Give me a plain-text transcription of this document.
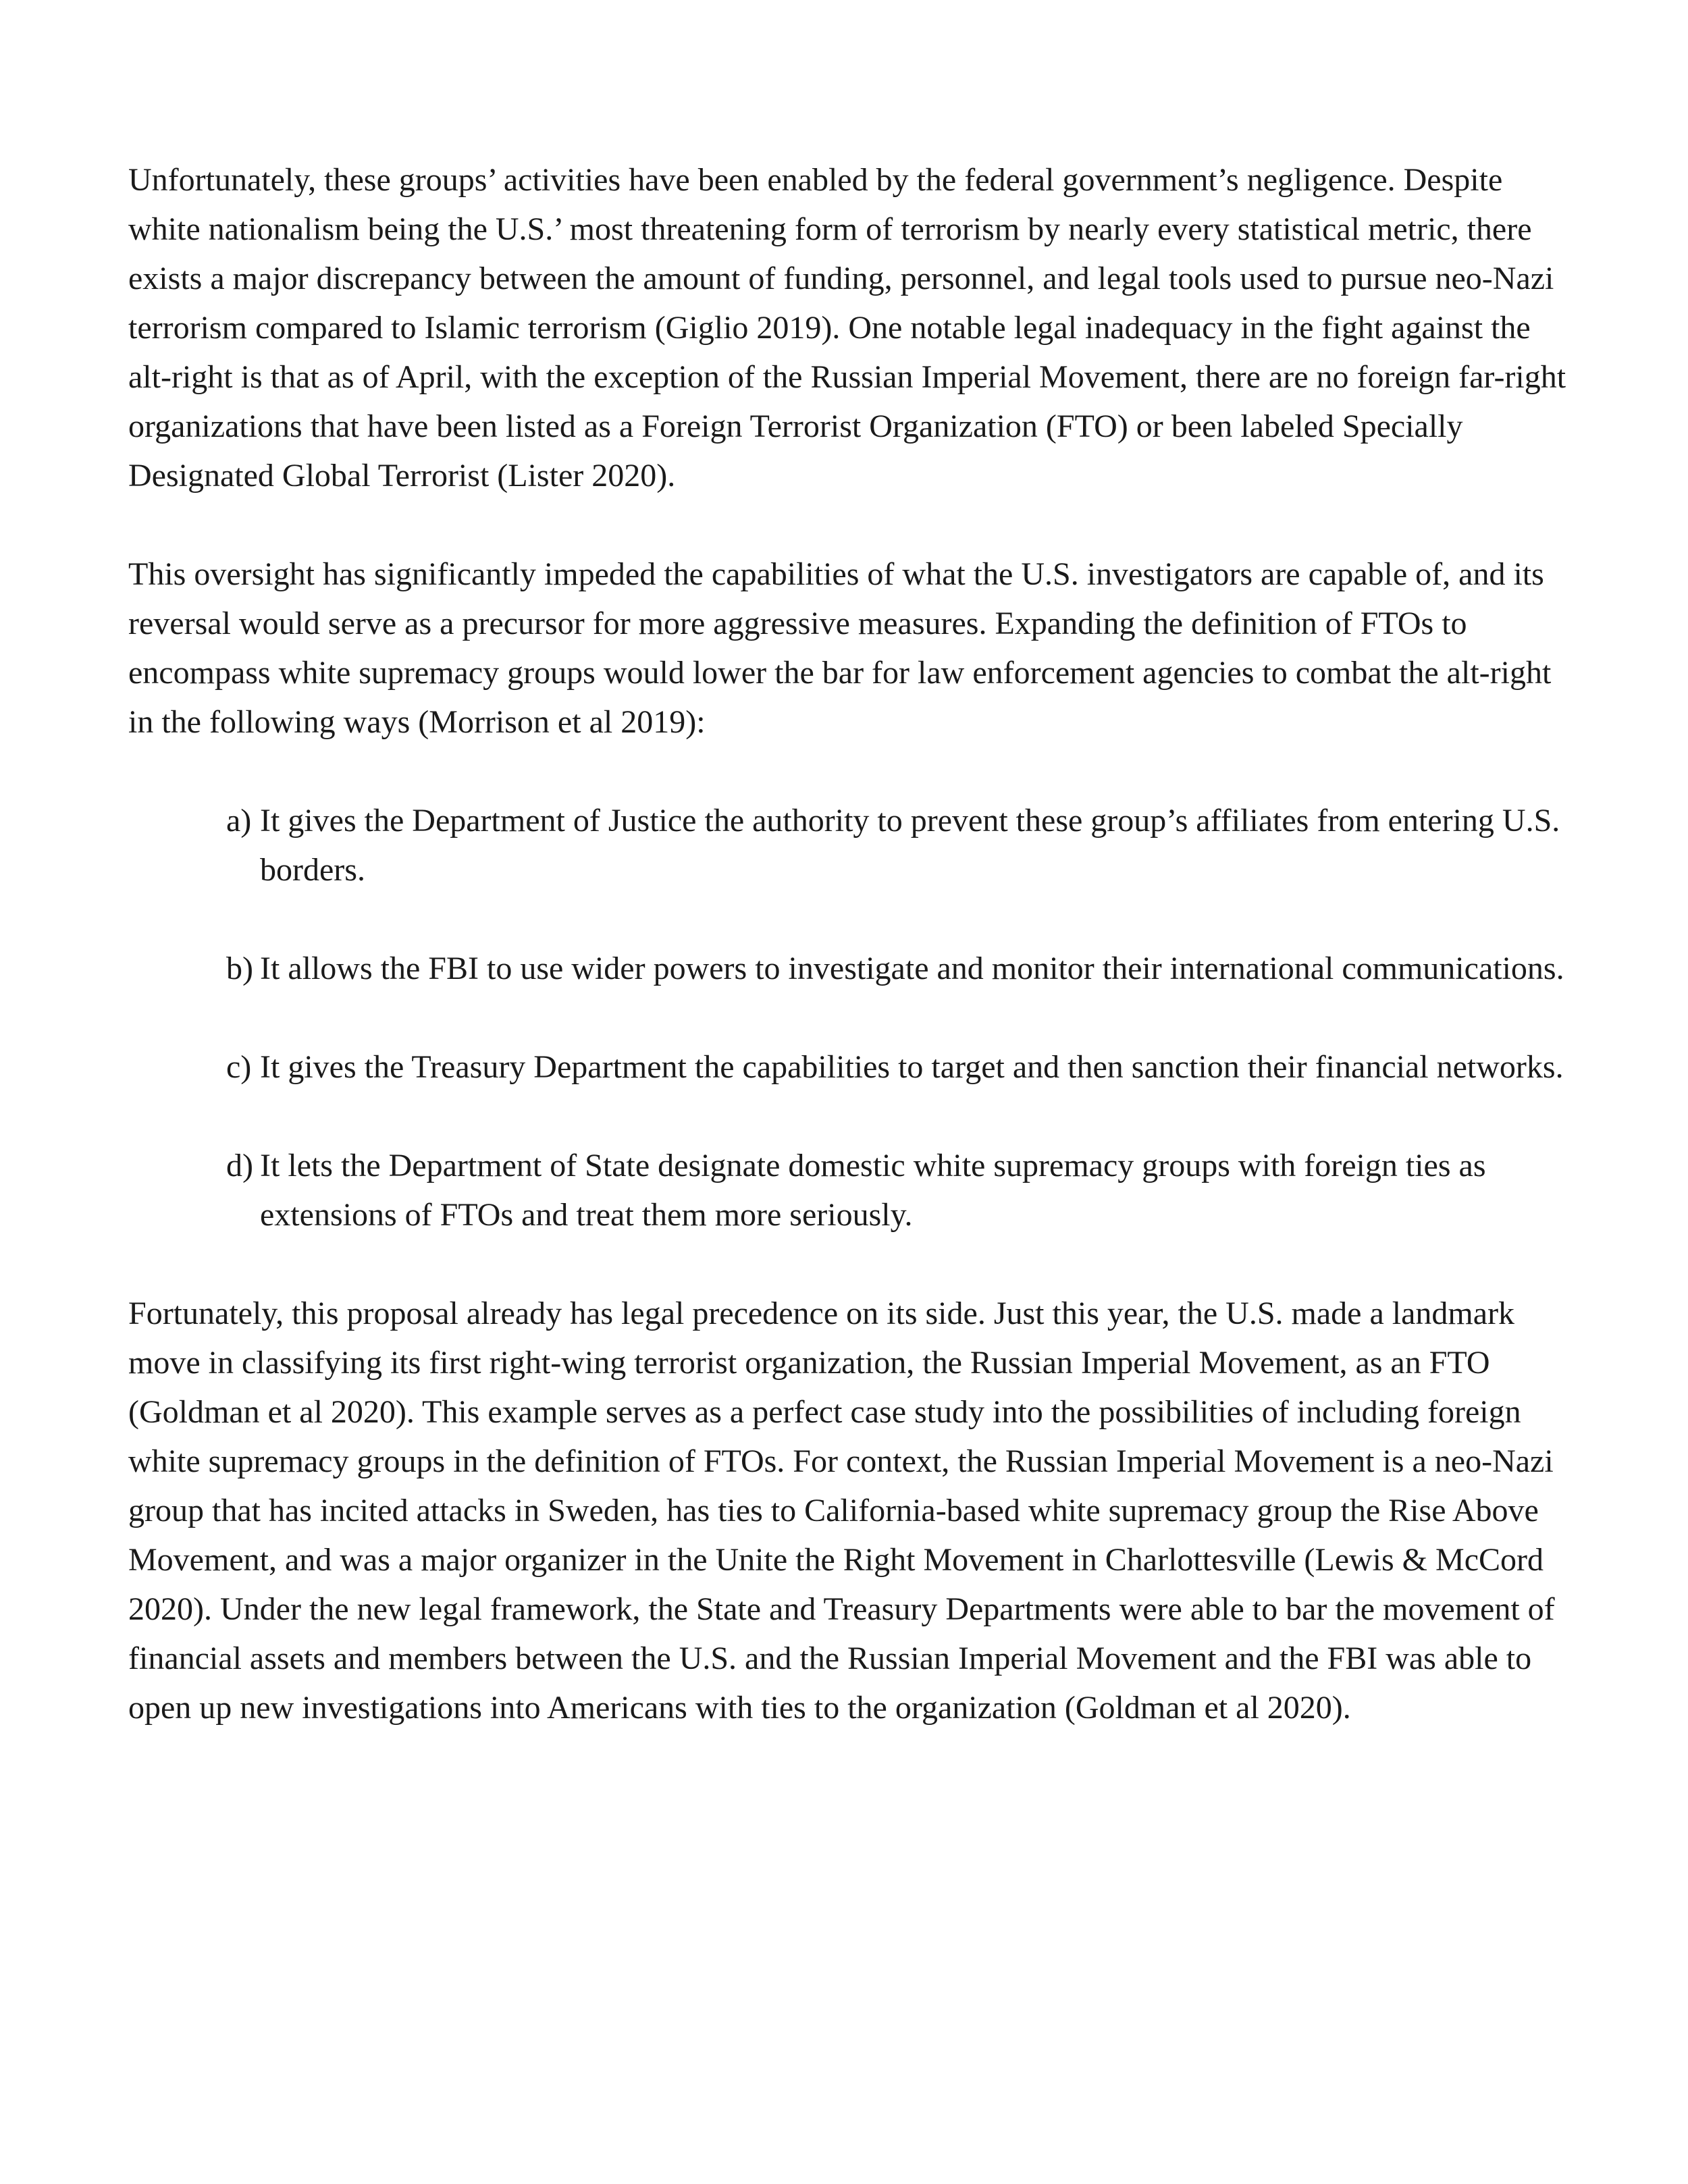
Unfortunately, these groups’ activities have been enabled by the federal government’s negligence. Despite white nationalism being the U.S.’ most threatening form of terrorism by nearly every statistical metric, there exists a major discrepancy between the amount of funding, personnel, and legal tools used to pursue neo-Nazi terrorism compared to Islamic terrorism (Giglio 2019). One notable legal inadequacy in the fight against the alt-right is that as of April, with the exception of the Russian Imperial Movement, there are no foreign far-right organizations that have been listed as a Foreign Terrorist Organization (FTO) or been labeled Specially Designated Global Terrorist (Lister 2020).

This oversight has significantly impeded the capabilities of what the U.S. investigators are capable of, and its reversal would serve as a precursor for more aggressive measures. Expanding the definition of FTOs to encompass white supremacy groups would lower the bar for law enforcement agencies to combat the alt-right in the following ways (Morrison et al 2019):

a) It gives the Department of Justice the authority to prevent these group’s affiliates from entering U.S. borders.
b) It allows the FBI to use wider powers to investigate and monitor their international communications.
c) It gives the Treasury Department the capabilities to target and then sanction their financial networks.
d) It lets the Department of State designate domestic white supremacy groups with foreign ties as extensions of FTOs and treat them more seriously.

Fortunately, this proposal already has legal precedence on its side. Just this year, the U.S. made a landmark move in classifying its first right-wing terrorist organization, the Russian Imperial Movement, as an FTO (Goldman et al 2020). This example serves as a perfect case study into the possibilities of including foreign white supremacy groups in the definition of FTOs. For context, the Russian Imperial Movement is a neo-Nazi group that has incited attacks in Sweden, has ties to California-based white supremacy group the Rise Above Movement, and was a major organizer in the Unite the Right Movement in Charlottesville (Lewis & McCord 2020). Under the new legal framework, the State and Treasury Departments were able to bar the movement of financial assets and members between the U.S. and the Russian Imperial Movement and the FBI was able to open up new investigations into Americans with ties to the organization (Goldman et al 2020).
